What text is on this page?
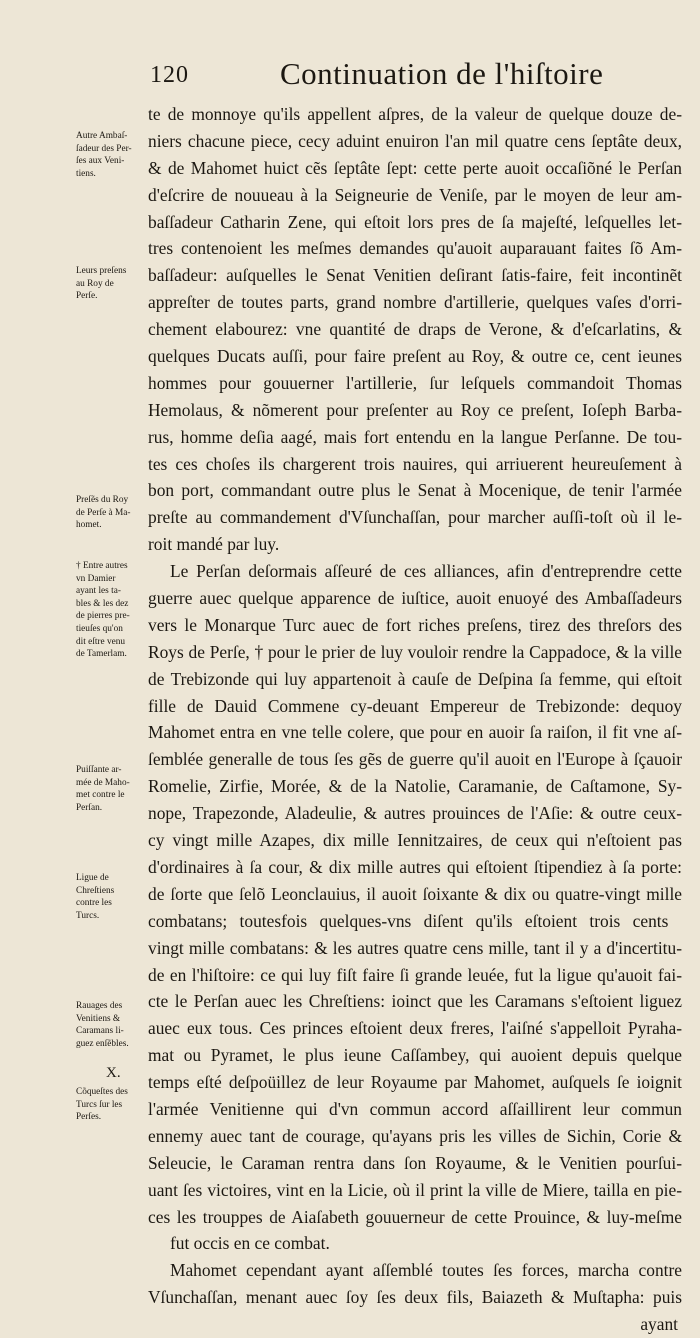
120	Continuation de l'hiſtoire
Autre Ambaſ-
ſadeur des Per-
ſes aux Veni-
tiens.
Leurs preſens
au Roy de
Perſe.
Preſẽs du Roy
de Perſe à Ma-
homet.
† Entre autres
vn Damier
ayant les ta-
bles & les dez
de pierres pre-
tieuſes qu'on
dit eſtre venu
de Tamerlam.
Puiſſante ar-
mée de Maho-
met contre le
Perſan.
Ligue de
Chreſtiens
contre les
Turcs.
Rauages des
Venitiens &
Caramans li-
guez enſẽbles.
Cõqueſtes des
Turcs ſur les
Perſes.
X.
te de monnoye qu'ils appellent aſpres, de la valeur de quelque douze de-
niers chacune piece, cecy aduint enuiron l'an mil quatre cens ſeptâte deux,
& de Mahomet huict cẽs ſeptâte ſept: cette perte auoit occaſiõné le Perſan
d'eſcrire de nouueau à la Seigneurie de Veniſe, par le moyen de leur am-
baſſadeur Catharin Zene, qui eſtoit lors pres de ſa majeſté, leſquelles let-
tres contenoient les meſmes demandes qu'auoit auparauant faites ſõ Am-
baſſadeur: auſquelles le Senat Venitien deſirant ſatis-faire, feit incontinẽt
appreſter de toutes parts, grand nombre d'artillerie, quelques vaſes d'orri-
chement elabourez: vne quantité de draps de Verone, & d'eſcarlatins, &
quelques Ducats auſſi, pour faire preſent au Roy, & outre ce, cent ieunes
hommes pour gouuerner l'artillerie, ſur leſquels commandoit Thomas
Hemolaus, & nõmerent pour preſenter au Roy ce preſent, Ioſeph Barba-
rus, homme deſia aagé, mais fort entendu en la langue Perſanne. De tou-
tes ces choſes ils chargerent trois nauires, qui arriuerent heureuſement à
bon port, commandant outre plus le Senat à Mocenique, de tenir l'armée
preſte au commandement d'Vſunchaſſan, pour marcher auſſi-toſt où il le-
roit mandé par luy.
Le Perſan deſormais aſſeuré de ces alliances, afin d'entreprendre cette
guerre auec quelque apparence de iuſtice, auoit enuoyé des Ambaſſadeurs
vers le Monarque Turc auec de fort riches preſens, tirez des threſors des
Roys de Perſe, † pour le prier de luy vouloir rendre la Cappadoce, & la ville
de Trebizonde qui luy appartenoit à cauſe de Deſpina ſa femme, qui eſtoit
fille de Dauid Commene cy-deuant Empereur de Trebizonde: dequoy
Mahomet entra en vne telle colere, que pour en auoir ſa raiſon, il fit vne aſ-
ſemblée generalle de tous ſes gẽs de guerre qu'il auoit en l'Europe à ſçauoir
Romelie, Zirfie, Morée, & de la Natolie, Caramanie, de Caſtamone, Sy-
nope, Trapezonde, Aladeulie, & autres prouinces de l'Aſie: & outre ceux-
cy vingt mille Azapes, dix mille Iennitzaires, de ceux qui n'eſtoient pas
d'ordinaires à ſa cour, & dix mille autres qui eſtoient ſtipendiez à ſa porte:
de ſorte que ſelõ Leonclauius, il auoit ſoixante & dix ou quatre-vingt mille
combatans; toutesfois quelques-vns diſent qu'ils eſtoient trois cents
vingt mille combatans: & les autres quatre cens mille, tant il y a d'incertitu-
de en l'hiſtoire: ce qui luy fiſt faire ſi grande leuée, fut la ligue qu'auoit fai-
cte le Perſan auec les Chreſtiens: ioinct que les Caramans s'eſtoient liguez
auec eux tous. Ces princes eſtoient deux freres, l'aiſné s'appelloit Pyraha-
mat ou Pyramet, le plus ieune Caſſambey, qui auoient depuis quelque
temps eſté deſpoüillez de leur Royaume par Mahomet, auſquels ſe ioignit
l'armée Venitienne qui d'vn commun accord aſſaillirent leur commun
ennemy auec tant de courage, qu'ayans pris les villes de Sichin, Corie &
Seleucie, le Caraman rentra dans ſon Royaume, & le Venitien pourſui-
uant ſes victoires, vint en la Licie, où il print la ville de Miere, tailla en pie-
ces les trouppes de Aiaſabeth gouuerneur de cette Prouince, & luy-meſme
fut occis en ce combat.
Mahomet cependant ayant aſſemblé toutes ſes forces, marcha contre
Vſunchaſſan, menant auec ſoy ſes deux fils, Baiazeth & Muſtapha: puis
ayant
